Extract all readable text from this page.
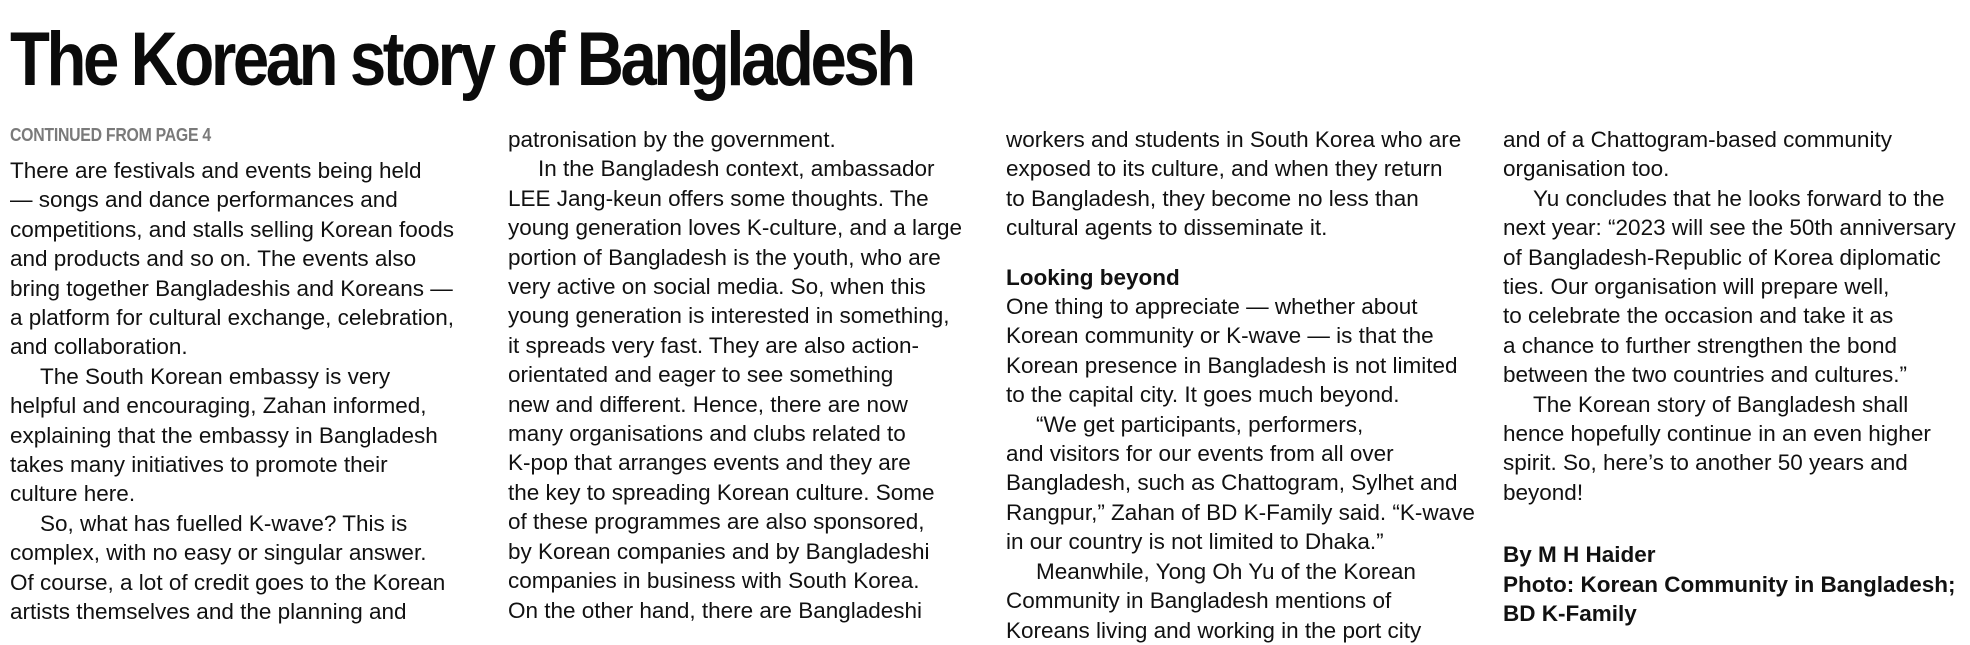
The Korean story of Bangladesh
CONTINUED FROM PAGE 4
There are festivals and events being held
— songs and dance performances and
competitions, and stalls selling Korean foods
and products and so on. The events also
bring together Bangladeshis and Koreans —
a platform for cultural exchange, celebration,
and collaboration.
The South Korean embassy is very
helpful and encouraging, Zahan informed,
explaining that the embassy in Bangladesh
takes many initiatives to promote their
culture here.
So, what has fuelled K-wave? This is
complex, with no easy or singular answer.
Of course, a lot of credit goes to the Korean
artists themselves and the planning and
patronisation by the government.
In the Bangladesh context, ambassador
LEE Jang-keun offers some thoughts. The
young generation loves K-culture, and a large
portion of Bangladesh is the youth, who are
very active on social media. So, when this
young generation is interested in something,
it spreads very fast. They are also action-
orientated and eager to see something
new and different. Hence, there are now
many organisations and clubs related to
K-pop that arranges events and they are
the key to spreading Korean culture. Some
of these programmes are also sponsored,
by Korean companies and by Bangladeshi
companies in business with South Korea.
On the other hand, there are Bangladeshi
workers and students in South Korea who are
exposed to its culture, and when they return
to Bangladesh, they become no less than
cultural agents to disseminate it.
Looking beyond
One thing to appreciate — whether about
Korean community or K-wave — is that the
Korean presence in Bangladesh is not limited
to the capital city. It goes much beyond.
“We get participants, performers,
and visitors for our events from all over
Bangladesh, such as Chattogram, Sylhet and
Rangpur,” Zahan of BD K-Family said. “K-wave
in our country is not limited to Dhaka.”
Meanwhile, Yong Oh Yu of the Korean
Community in Bangladesh mentions of
Koreans living and working in the port city
and of a Chattogram-based community
organisation too.
Yu concludes that he looks forward to the
next year: “2023 will see the 50th anniversary
of Bangladesh-Republic of Korea diplomatic
ties. Our organisation will prepare well,
to celebrate the occasion and take it as
a chance to further strengthen the bond
between the two countries and cultures.”
The Korean story of Bangladesh shall
hence hopefully continue in an even higher
spirit. So, here’s to another 50 years and
beyond!
By M H Haider
Photo: Korean Community in Bangladesh;
BD K-Family
